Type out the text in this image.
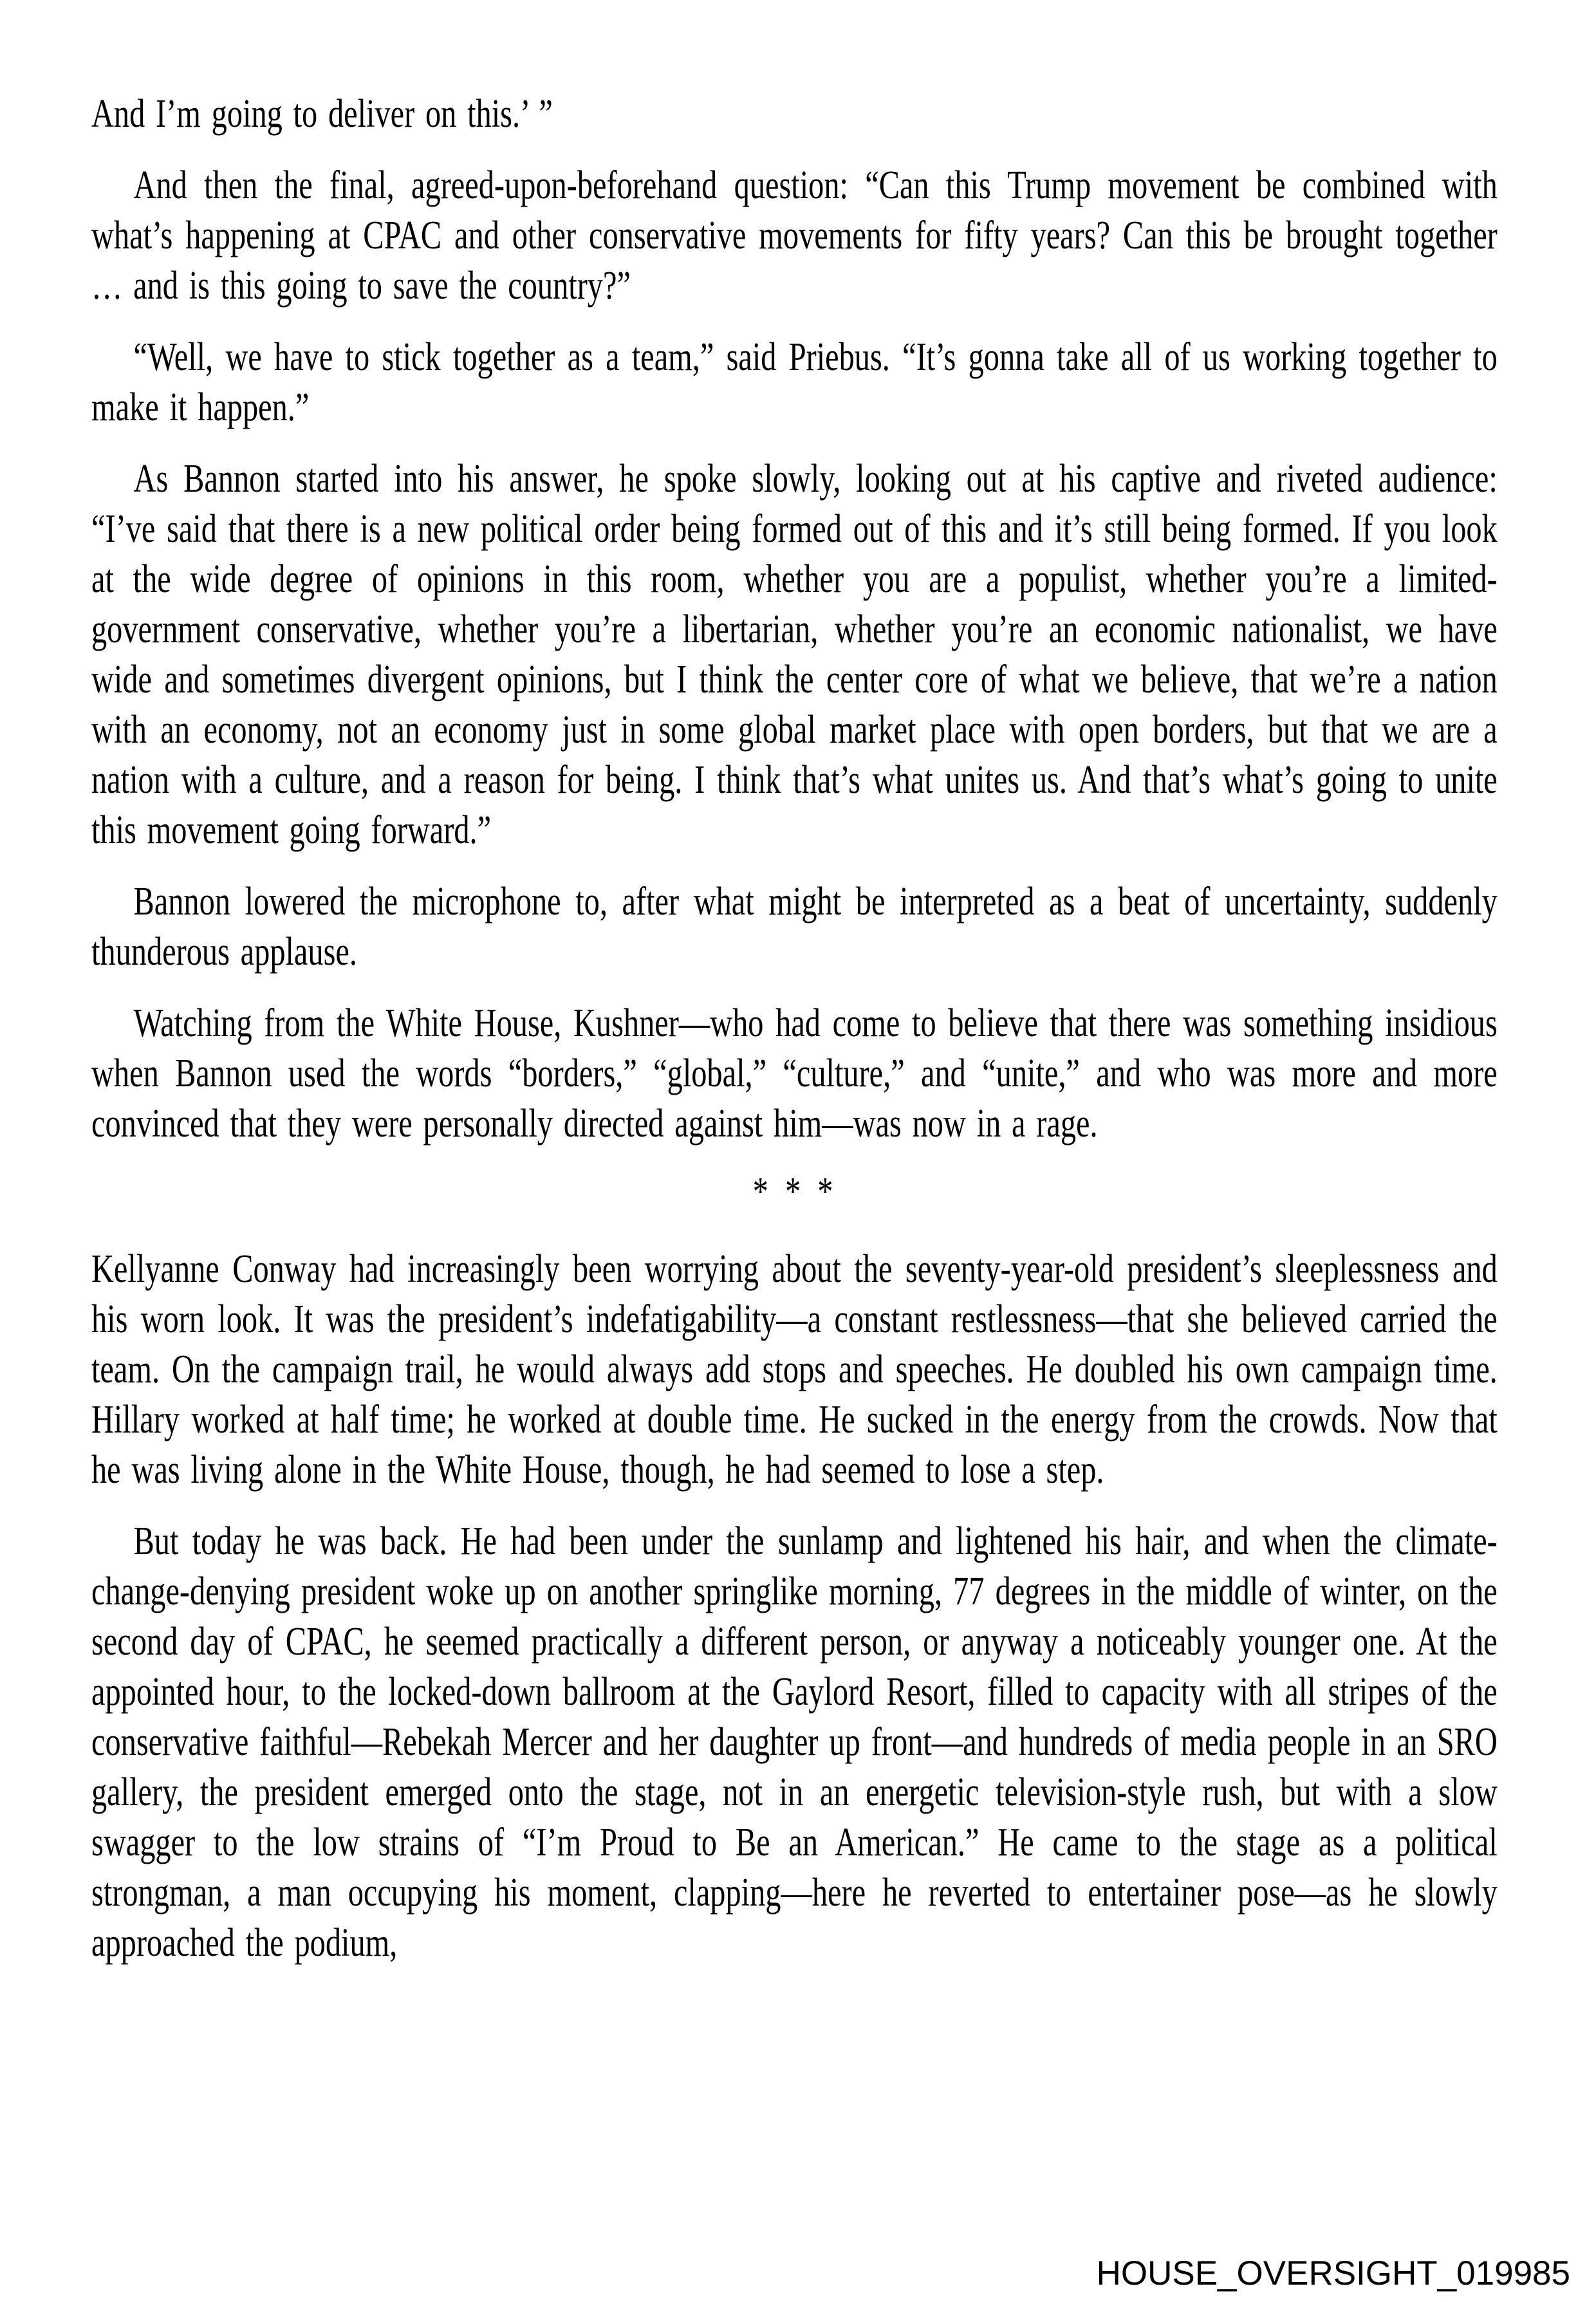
And I’m going to deliver on this.’ ”

And then the final, agreed-upon-beforehand question: “Can this Trump movement be combined with what’s happening at CPAC and other conservative movements for fifty years? Can this be brought together … and is this going to save the country?”

“Well, we have to stick together as a team,” said Priebus. “It’s gonna take all of us working together to make it happen.”

As Bannon started into his answer, he spoke slowly, looking out at his captive and riveted audience: “I’ve said that there is a new political order being formed out of this and it’s still being formed. If you look at the wide degree of opinions in this room, whether you are a populist, whether you’re a limited-government conservative, whether you’re a libertarian, whether you’re an economic nationalist, we have wide and sometimes divergent opinions, but I think the center core of what we believe, that we’re a nation with an economy, not an economy just in some global market place with open borders, but that we are a nation with a culture, and a reason for being. I think that’s what unites us. And that’s what’s going to unite this movement going forward.”

Bannon lowered the microphone to, after what might be interpreted as a beat of uncertainty, suddenly thunderous applause.

Watching from the White House, Kushner—who had come to believe that there was something insidious when Bannon used the words “borders,” “global,” “culture,” and “unite,” and who was more and more convinced that they were personally directed against him—was now in a rage.

* * *

Kellyanne Conway had increasingly been worrying about the seventy-year-old president’s sleeplessness and his worn look. It was the president’s indefatigability—a constant restlessness—that she believed carried the team. On the campaign trail, he would always add stops and speeches. He doubled his own campaign time. Hillary worked at half time; he worked at double time. He sucked in the energy from the crowds. Now that he was living alone in the White House, though, he had seemed to lose a step.

But today he was back. He had been under the sunlamp and lightened his hair, and when the climate-change-denying president woke up on another springlike morning, 77 degrees in the middle of winter, on the second day of CPAC, he seemed practically a different person, or anyway a noticeably younger one. At the appointed hour, to the locked-down ballroom at the Gaylord Resort, filled to capacity with all stripes of the conservative faithful—Rebekah Mercer and her daughter up front—and hundreds of media people in an SRO gallery, the president emerged onto the stage, not in an energetic television-style rush, but with a slow swagger to the low strains of “I’m Proud to Be an American.” He came to the stage as a political strongman, a man occupying his moment, clapping—here he reverted to entertainer pose—as he slowly approached the podium,

HOUSE_OVERSIGHT_019985
